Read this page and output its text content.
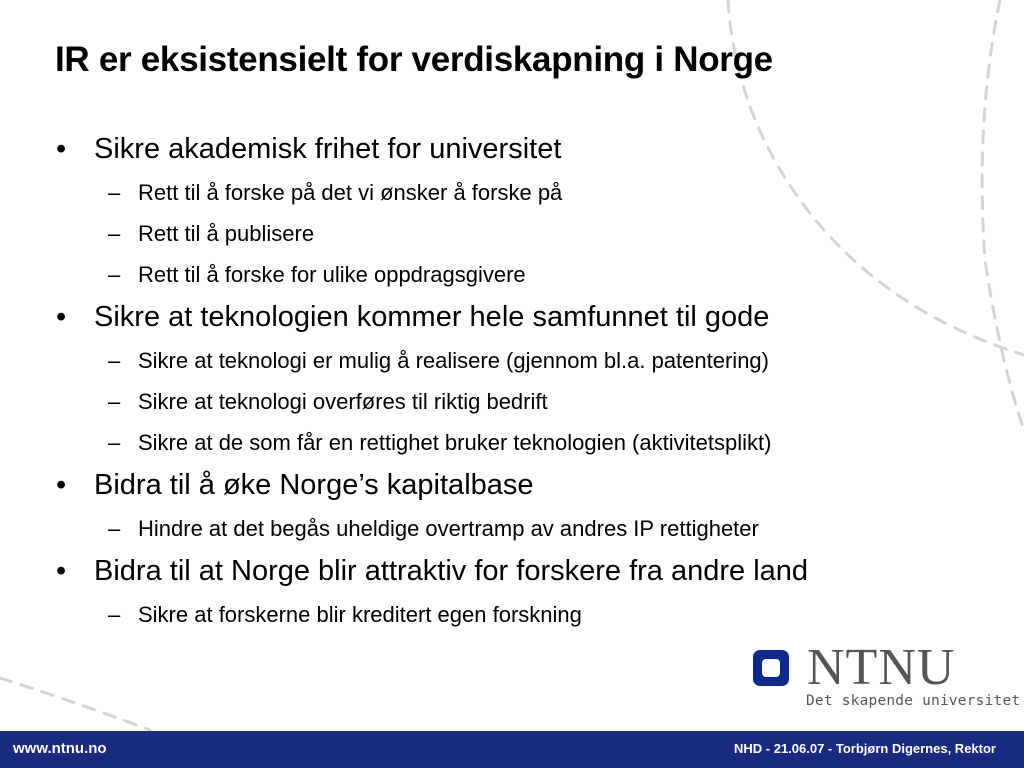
IR er eksistensielt for verdiskapning i Norge
• Sikre akademisk frihet for universitet
– Rett til å forske på det vi ønsker å forske på
– Rett til å publisere
– Rett til å forske for ulike oppdragsgivere
• Sikre at teknologien kommer hele samfunnet til gode
– Sikre at teknologi er mulig å realisere (gjennom bl.a. patentering)
– Sikre at teknologi overføres til riktig bedrift
– Sikre at de som får en rettighet bruker teknologien (aktivitetsplikt)
• Bidra til å øke Norge’s kapitalbase
– Hindre at det begås uheldige overtramp av andres IP rettigheter
• Bidra til at Norge blir attraktiv for forskere fra andre land
– Sikre at forskerne blir kreditert egen forskning
NTNU
Det skapende universitet
www.ntnu.no	NHD - 21.06.07 - Torbjørn Digernes, Rektor
